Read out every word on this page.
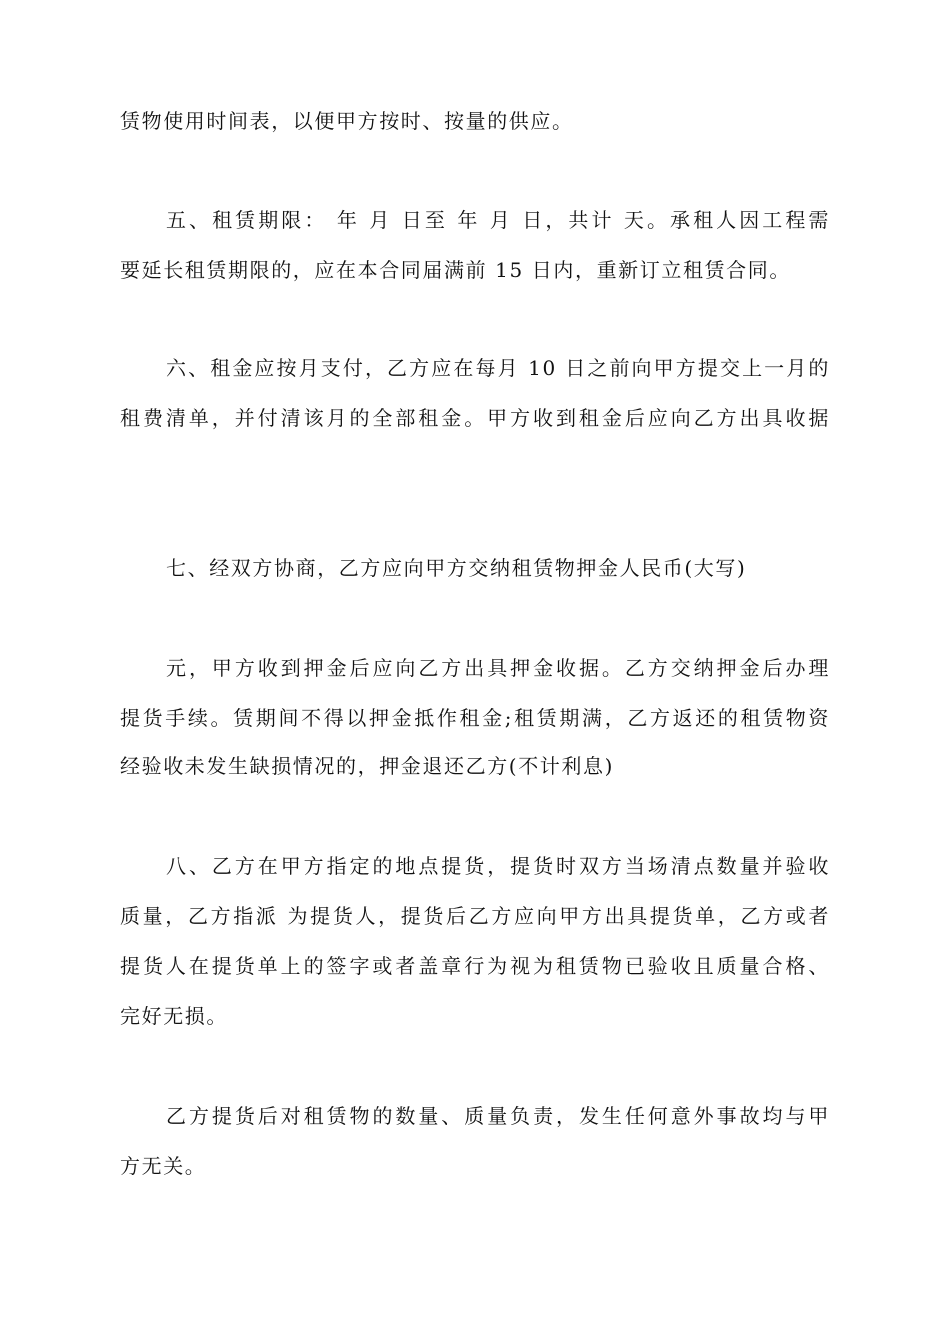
赁物使用时间表，以便甲方按时、按量的供应。
五、租赁期限： 年 月 日至 年 月 日，共计 天。承租人因工程需
要延长租赁期限的，应在本合同届满前 15 日内，重新订立租赁合同。
六、租金应按月支付，乙方应在每月 10 日之前向甲方提交上一月的
租费清单，并付清该月的全部租金。甲方收到租金后应向乙方出具收据
七、经双方协商，乙方应向甲方交纳租赁物押金人民币(大写)
元，甲方收到押金后应向乙方出具押金收据。乙方交纳押金后办理
提货手续。赁期间不得以押金抵作租金;租赁期满，乙方返还的租赁物资
经验收未发生缺损情况的，押金退还乙方(不计利息)
八、乙方在甲方指定的地点提货，提货时双方当场清点数量并验收
质量，乙方指派 为提货人，提货后乙方应向甲方出具提货单，乙方或者
提货人在提货单上的签字或者盖章行为视为租赁物已验收且质量合格、
完好无损。
乙方提货后对租赁物的数量、质量负责，发生任何意外事故均与甲
方无关。
